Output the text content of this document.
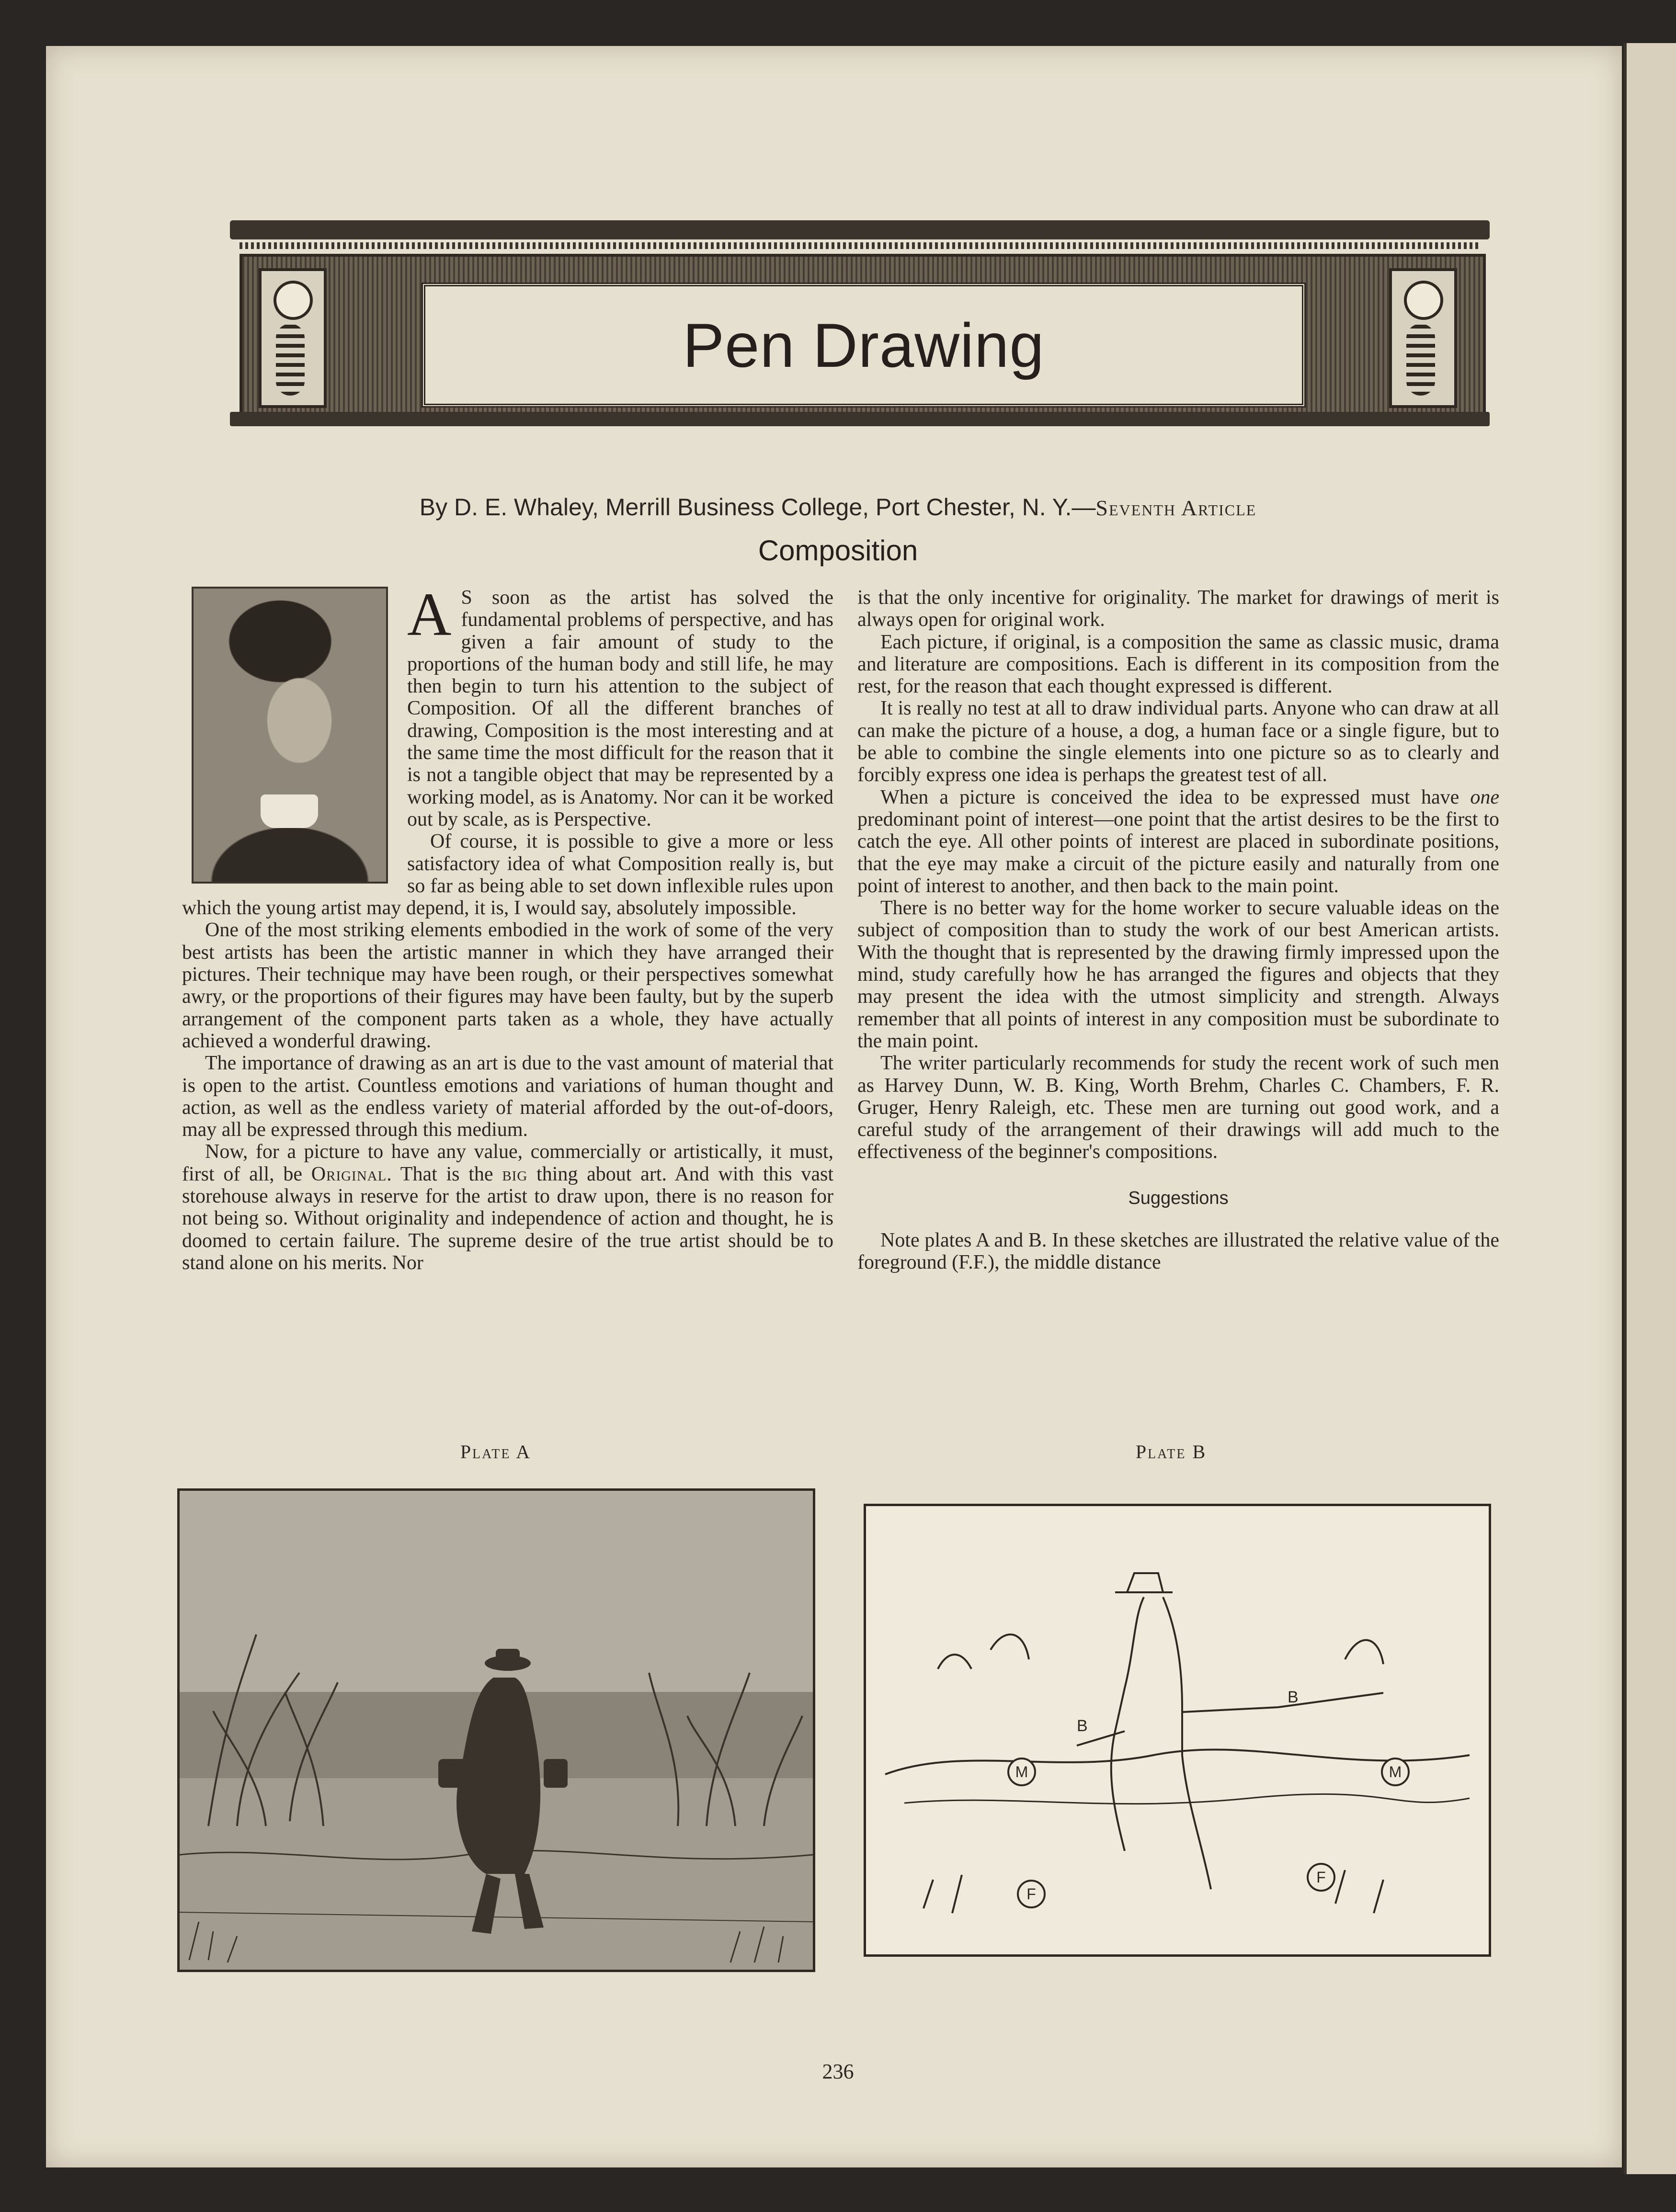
Pen Drawing
By D. E. Whaley, Merrill Business College, Port Chester, N. Y.—Seventh Article
Composition

A S soon as the artist has solved the fundamental problems of perspective, and has given a fair amount of study to the proportions of the human body and still life, he may then begin to turn his attention to the subject of Composition. Of all the different branches of drawing, Composition is the most interesting and at the same time the most difficult for the reason that it is not a tangible object that may be represented by a working model, as is Anatomy. Nor can it be worked out by scale, as is Perspective.

Of course, it is possible to give a more or less satisfactory idea of what Composition really is, but so far as being able to set down inflexible rules upon which the young artist may depend, it is, I would say, absolutely impossible.

One of the most striking elements embodied in the work of some of the very best artists has been the artistic manner in which they have arranged their pictures. Their technique may have been rough, or their perspectives somewhat awry, or the proportions of their figures may have been faulty, but by the superb arrangement of the component parts taken as a whole, they have actually achieved a wonderful drawing.

The importance of drawing as an art is due to the vast amount of material that is open to the artist. Countless emotions and variations of human thought and action, as well as the endless variety of material afforded by the out-of-doors, may all be expressed through this medium.

Now, for a picture to have any value, commercially or artistically, it must, first of all, be Original. That is the big thing about art. And with this vast storehouse always in reserve for the artist to draw upon, there is no reason for not being so. Without originality and independence of action and thought, he is doomed to certain failure. The supreme desire of the true artist should be to stand alone on his merits. Nor

is that the only incentive for originality. The market for drawings of merit is always open for original work.

Each picture, if original, is a composition the same as classic music, drama and literature are compositions. Each is different in its composition from the rest, for the reason that each thought expressed is different.

It is really no test at all to draw individual parts. Anyone who can draw at all can make the picture of a house, a dog, a human face or a single figure, but to be able to combine the single elements into one picture so as to clearly and forcibly express one idea is perhaps the greatest test of all.

When a picture is conceived the idea to be expressed must have one predominant point of interest—one point that the artist desires to be the first to catch the eye. All other points of interest are placed in subordinate positions, that the eye may make a circuit of the picture easily and naturally from one point of interest to another, and then back to the main point.

There is no better way for the home worker to secure valuable ideas on the subject of composition than to study the work of our best American artists. With the thought that is represented by the drawing firmly impressed upon the mind, study carefully how he has arranged the figures and objects that they may present the idea with the utmost simplicity and strength. Always remember that all points of interest in any composition must be subordinate to the main point.

The writer particularly recommends for study the recent work of such men as Harvey Dunn, W. B. King, Worth Brehm, Charles C. Chambers, F. R. Gruger, Henry Raleigh, etc. These men are turning out good work, and a careful study of the arrangement of their drawings will add much to the effectiveness of the beginner's compositions.

Suggestions

Note plates A and B. In these sketches are illustrated the relative value of the foreground (F.F.), the middle distance

Plate A	Plate B
B
B
M	M
F
F
236
